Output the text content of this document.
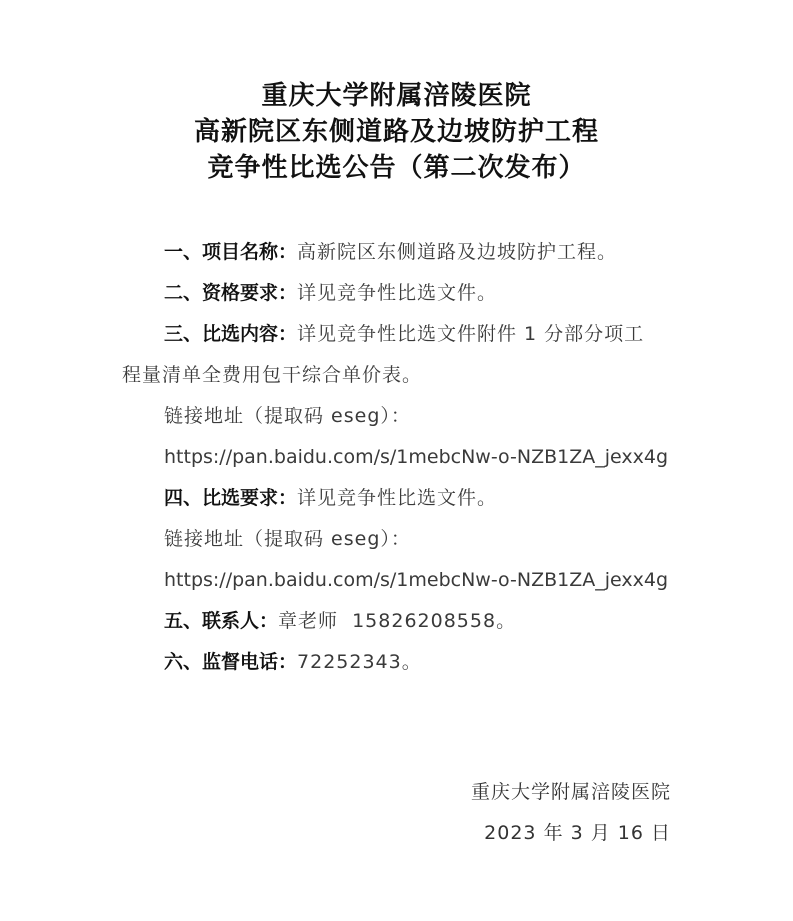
重庆大学附属涪陵医院
高新院区东侧道路及边坡防护工程
竞争性比选公告（第二次发布）
一、项目名称：高新院区东侧道路及边坡防护工程。
二、资格要求：详见竞争性比选文件。
三、比选内容：详见竞争性比选文件附件 1 分部分项工
程量清单全费用包干综合单价表。
链接地址（提取码 eseg）：
https://pan.baidu.com/s/1mebcNw-o-NZB1ZA_jexx4g
四、比选要求：详见竞争性比选文件。
链接地址（提取码 eseg）：
https://pan.baidu.com/s/1mebcNw-o-NZB1ZA_jexx4g
五、联系人：章老师  15826208558。
六、监督电话：72252343。
重庆大学附属涪陵医院
2023 年 3 月 16 日
